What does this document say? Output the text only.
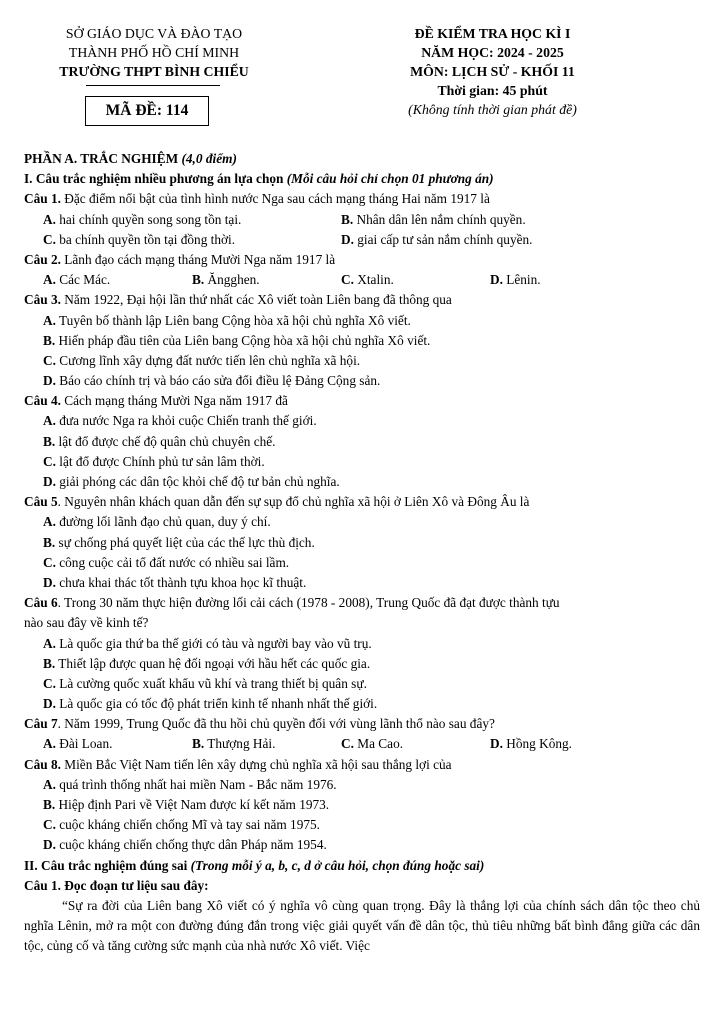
SỞ GIÁO DỤC VÀ ĐÀO TẠO
THÀNH PHỐ HỒ CHÍ MINH
TRƯỜNG THPT BÌNH CHIỂU
MÃ ĐỀ: 114
ĐỀ KIỂM TRA HỌC KÌ I
NĂM HỌC: 2024 - 2025
MÔN: LỊCH SỬ - KHỐI 11
Thời gian: 45 phút
(Không tính thời gian phát đề)
PHẦN A. TRẮC NGHIỆM (4,0 điểm)
I. Câu trắc nghiệm nhiều phương án lựa chọn (Mỗi câu hỏi chỉ chọn 01 phương án)
Câu 1. Đặc điểm nổi bật của tình hình nước Nga sau cách mạng tháng Hai năm 1917 là
A. hai chính quyền song song tồn tại.	B. Nhân dân lên nắm chính quyền.
C. ba chính quyền tồn tại đồng thời.	D. giai cấp tư sản nắm chính quyền.
Câu 2. Lãnh đạo cách mạng tháng Mười Nga năm 1917 là
A. Các Mác.	B. Ăngghen.	C. Xtalin.	D. Lênin.
Câu 3. Năm 1922, Đại hội lần thứ nhất các Xô viết toàn Liên bang đã thông qua
A. Tuyên bố thành lập Liên bang Cộng hòa xã hội chủ nghĩa Xô viết.
B. Hiến pháp đầu tiên của Liên bang Cộng hòa xã hội chủ nghĩa Xô viết.
C. Cương lĩnh xây dựng đất nước tiến lên chủ nghĩa xã hội.
D. Báo cáo chính trị và báo cáo sửa đổi điều lệ Đảng Cộng sản.
Câu 4. Cách mạng tháng Mười Nga năm 1917 đã
A. đưa nước Nga ra khỏi cuộc Chiến tranh thế giới.
B. lật đổ được chế độ quân chủ chuyên chế.
C. lật đổ được Chính phủ tư sản lâm thời.
D. giải phóng các dân tộc khỏi chế độ tư bản chủ nghĩa.
Câu 5. Nguyên nhân khách quan dẫn đến sự sụp đổ chủ nghĩa xã hội ở Liên Xô và Đông Âu là
A. đường lối lãnh đạo chủ quan, duy ý chí.
B. sự chống phá quyết liệt của các thế lực thù địch.
C. công cuộc cải tổ đất nước có nhiều sai lầm.
D. chưa khai thác tốt thành tựu khoa học kĩ thuật.
Câu 6. Trong 30 năm thực hiện đường lối cải cách (1978 - 2008), Trung Quốc đã đạt được thành tựu
nào sau đây về kinh tế?
A. Là quốc gia thứ ba thế giới có tàu và người bay vào vũ trụ.
B. Thiết lập được quan hệ đối ngoại với hầu hết các quốc gia.
C. Là cường quốc xuất khẩu vũ khí và trang thiết bị quân sự.
D. Là quốc gia có tốc độ phát triển kinh tế nhanh nhất thế giới.
Câu 7. Năm 1999, Trung Quốc đã thu hồi chủ quyền đối với vùng lãnh thổ nào sau đây?
A. Đài Loan.	B. Thượng Hải.	C. Ma Cao.	D. Hồng Kông.
Câu 8. Miền Bắc Việt Nam tiến lên xây dựng chủ nghĩa xã hội sau thắng lợi của
A. quá trình thống nhất hai miền Nam - Bắc năm 1976.
B. Hiệp định Pari về Việt Nam được kí kết năm 1973.
C. cuộc kháng chiến chống Mĩ và tay sai năm 1975.
D. cuộc kháng chiến chống thực dân Pháp năm 1954.
II. Câu trắc nghiệm đúng sai (Trong mỗi ý a, b, c, d ở câu hỏi, chọn đúng hoặc sai)
Câu 1. Đọc đoạn tư liệu sau đây:
“Sự ra đời của Liên bang Xô viết có ý nghĩa vô cùng quan trọng. Đây là thắng lợi của chính sách dân tộc theo chủ nghĩa Lênin, mở ra một con đường đúng đắn trong việc giải quyết vấn đề dân tộc, thủ tiêu những bất bình đẳng giữa các dân tộc, củng cố và tăng cường sức mạnh của nhà nước Xô viết. Việc
